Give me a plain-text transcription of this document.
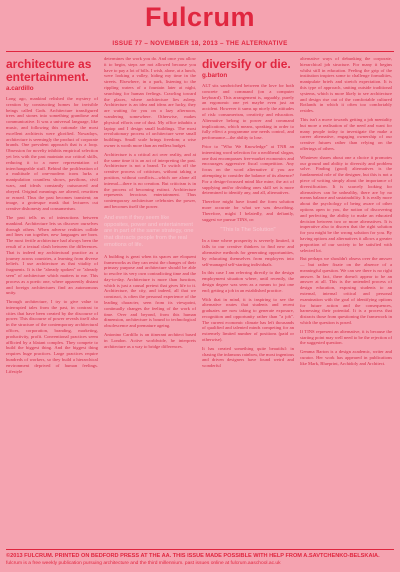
Fulcrum
ISSUE 77 – NOVEMBER 18, 2013 – THE ALTERNATIVE
architecture as entertainment.
a.cardillo

Long ago, mankind relished the mystery of creation by constructing homes for invisible beings called Gods. Architecture transfigured trees and stones into something grandiose and communicative. It was a universal language, like music, and following this rationale the most excellent architects were glorified. Nowadays, architecture is seemingly the product of corporate brands. One prevalent approach that is a loop. Obsession for novelty inhibits empirical selection yet lets with the past maintain our critical skills, reducing it to a mere representation of interchangeable stuff. Behind the proliferation of a multitude of one-modern icons lurks a manipulation countless shows, pavilions, civil wars, and ideals constantly outsourced and obeyed. Original meanings are altered, rewritten or erased. Thus the past becomes transient; an image, a grotesque mask that lecturers cut creative dishonesty and consumerism.

The past tells us of interactions between mankind. Architecture lets us discover ourselves through others. When adverse realities collide and lines run together, new languages are born. The most fertile architecture had always been the result of a textual clash between the differences. That is indeed my architectural practice as a journey across countries, a learning from diverse beliefs. I use architecture as that vitality of fragments. It is the "already spoken" or "already seen" of architecture which matters to me. This process as a poetic one, where apparently distant and foreign architectures find an autonomous unity.

Through architecture, I try to give value to interrupted tales from the past, in contrast to cities that have been created by the discourse of power. This discourse of power reveals itself also in the structure of the contemporary architectural offices, corporation, branding, marketing, productivity, profit. Conventional practices seem afflicted by a blatant complex. They compete to build the biggest thing. And the biggest thing requires huge practices. Large practices require hundreds of workers, so they build a hierarchical environment deprived of human feelings. Lifestyle

determines the work you do. And once you allow it to begin, steps are not allowed because you have to pay a lot of bills. I wish, alone, at a lunch, were looking a valley, hiding my time in the streets. Elsewhere, in a park, listening to the rippling waters of a fountain later at night, searching for human feelings. Crawling toward the places, where architecture lies asleep. Architecture is an idea and ideas are lucky, they are waiting for you on a lazy afternoon, wandering somewhere. Otherwise, makes physical efforts one of dust. My office inhabits a laptop and I design small buildings. The most revolutionary process of architecture were small buildings. Small scale brings freedom; a wise owner is worth more than an endless budget.

Architecture is a critical act over reality, and at the same time it is an act of interpreting the past. Architecture is not a brand. To switch off the creative process of criticism, without taking a position, without conflicts—which are alone all internal—there is no creation. But criticism is in the process of becoming extinct. Architecture represents ferocious entertainment. Thus contemporary architecture celebrates the power, and becomes itself the power.

And even if they seem like opposites, power and entertainment are in part of the same strategy, one that distracts people from the real emotions of life.

A building is great when its spaces are eloquent frameworks as they can resist the changes of their primary purpose and architecture should be able to resolve its very own contradicting time and the day-to-day. Architecture is more than function, which is just a causal pretext that gives life to it. Architecture, the city, and indeed, all that we construct, is often the personal experience of the leading character, seen from its viewpoint, continually changes the feeling of the work of time. Over and beyond, from this human dimension, architecture is bound to technological obsolescence and premature ageing.

Antonino Cardillo is an itinerant architect based in London. Active worldwide, he interprets architecture as a way to bridge differences.

diversify or die.
g.barton

ALT sits sandwiched between the love for both concrete and command (on a computer keyboard). This arrangement is, arguably, purely an ergonomic one yet maybe even just an accident. However it sums up nicely the attitudes of risk: consumerism, creativity and education. Alternative belong to power and command implications, which means, speaking in order to fully effect a programme one needs control, and performance—the ability to lose.

Prior to "Who We Knowledge" at TNR an interesting word selection for a neoliberal slogan, one that encompasses free-market economics and encourages aggressive fiscal competition. Any focus on the word alternative if you are attempting to consider the balance of its absence? For a design-focussed mind like mine, the act of supplying and/or dividing ones skill set is more determined to identify any, and all, alternatives.

Therefore might have found the form solution more accurate for what we was describing. Therefore, might I belatedly, and defiantly, suggest we pursue TINS, or:

"This Is The Solution"

In a time where prosperity is severely limited, it falls to our creative thinkers to find new and alternative methods for generating opportunities, by educating themselves from employers into self-managed self-starting individuals.

In this case I am referring directly to the design employment situation where, until recently, the design degree was seen as a means to just one end; getting a job in an established practice.

With that in mind, it is inspiring to see the alternative routes that students and recent graduates are now taking to generate exposure, recognition and opportunity rather than "a job". The current economic climate has left thousands of qualified and talented minds competing for an extremely limited number of positions (paid or otherwise).

It has created something quite beautiful: in chasing the infamous rainbow, the most ingenious and driven designers have found weird and wonderful

alternative ways of debunking the corporate, hierarchical job structure. For many it begins whilst still in education. Feeling the grip of the institution inspires some to challenge formalities, manipulate briefs and stretch expectation. It is this type of approach, uniting outside traditional systems, which is more likely to see architecture and design rise out of the comfortable cultured Rotlands in which it often too comfortably resides.

This isn't a move towards getting a job mentality but more a realisation of the need and want for many people today to investigate the make a career alternative, engaging ownership of our creative futures rather than relying on the offerings of others.

Whatever shares about one a choice it promotes our ground and ability to diversify and problem solve. Finding (good) alternatives is the fundamental role of the designer, but this is not a piece of writing simply about the importance of diversification. It is scarcely looking for alternatives can be unhealthy, there are by no means balance and sustainability. It is really more about the psychology of being aware of other options open to you, the notion of discovering and perfecting the ability to make an educated decision between two or more alternatives. It is imperative also to discern that the right solution for you might be the wrong solution for you. By having options and alternatives it allows a greater proportion of our society to be satisfied with selected lot.

But perhaps we shouldn't obsess over the answer — but rather fixate on the absence of a meaningful question. We can see there is no right answer. In fact, there doesn't appear to be an answer at all. This is the untended process of design education, exposing students to an external, internal critical and personal examination with the goal of identifying options for future action and the consequences, harnessing their potential. It is a process that distracts those from questioning the framework in which the question is posed.

If TINS represent an alternative, it is because the starting point may well need to be the rejection of the suggested question.

Gemma Barton is a design academic, writer and curator. Her work has appeared in publications like Mark, Blueprint, Archidoly and Architect.

©2013 FULCRUM. PRINTED ON BEDFORD PRESS AT THE AA. THIS ISSUE MADE POSSIBLE WITH HELP FROM A.SAVTCHENKO-BELSKAIA.
fulcrum is a free weekly publication pursuing architecture and the third millennium. past issues online at fulcrum.aaschool.ac.uk
